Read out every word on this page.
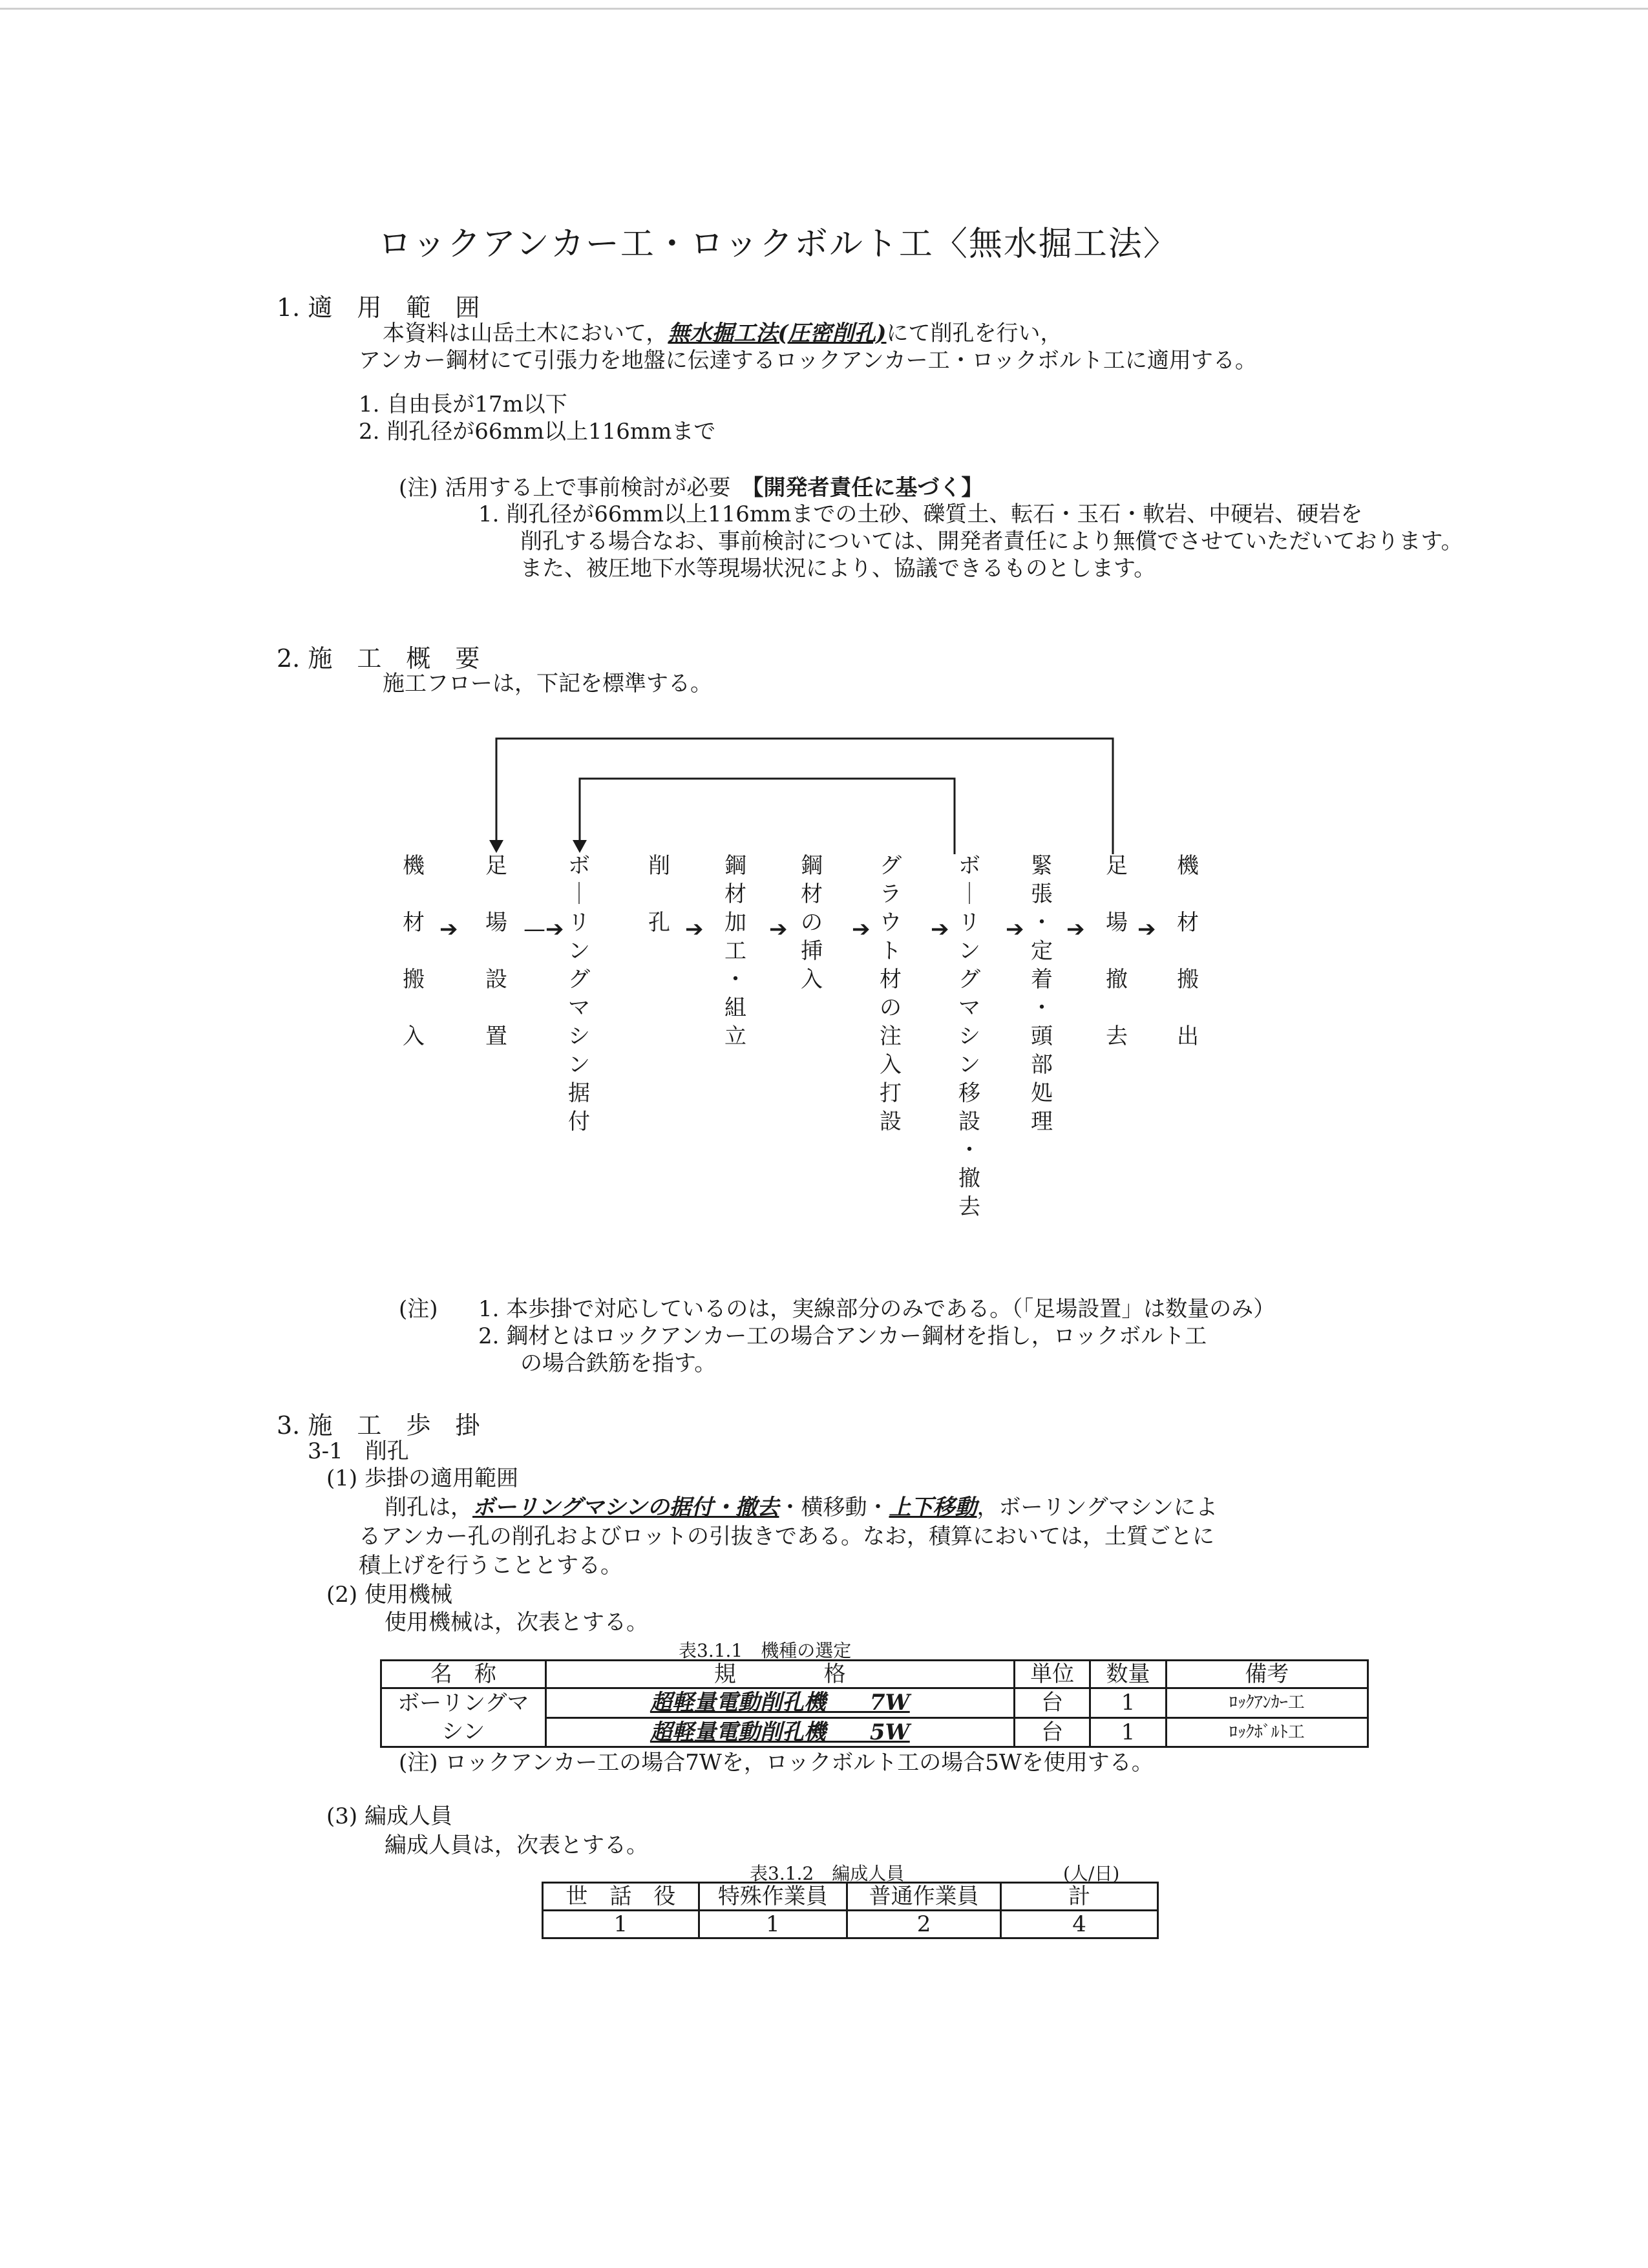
ロックアンカー工・ロックボルト工〈無水掘工法〉
1. 適　用　範　囲
本資料は山岳土木において，無水掘工法(圧密削孔)にて削孔を行い，
アンカー鋼材にて引張力を地盤に伝達するロックアンカー工・ロックボルト工に適用する。
1. 自由長が17m以下
2. 削孔径が66mm以上116mmまで
(注) 活用する上で事前検討が必要　 【開発者責任に基づく】
1. 削孔径が66mm以上116mmまでの土砂、礫質土、転石・玉石・軟岩、中硬岩、硬岩を
削孔する場合なお、事前検討については、開発者責任により無償でさせていただいております。
また、被圧地下水等現場状況により、協議できるものとします。
2. 施　工　概　要
施工フローは，下記を標準する。
機
材
搬
入
足
場
設
置
ボ
｜
リ
ン
グ
マ
シ
ン
据
付
削
孔
鋼
材
加
工
・
組
立
鋼
材
の
挿
入
グ
ラ
ウ
ト
材
の
注
入
打
設
ボ
｜
リ
ン
グ
マ
シ
ン
移
設
・
撤
去
緊
張
・
定
着
・
頭
部
処
理
足
場
撤
去
機
材
搬
出
➔	—➔	➔	➔	➔	➔	➔ ➔ ➔
(注) 1. 本歩掛で対応しているのは，実線部分のみである。（「足場設置」は数量のみ）
2. 鋼材とはロックアンカー工の場合アンカー鋼材を指し，ロックボルト工
の場合鉄筋を指す。
3. 施　工　歩　掛
3-1　削孔
(1) 歩掛の適用範囲
削孔は，ボーリングマシンの据付・撤去・横移動・上下移動，ボーリングマシンによ
るアンカー孔の削孔およびロットの引抜きである。なお，積算においては，土質ごとに
積上げを行うこととする。
(2) 使用機械
使用機械は，次表とする。
表3.1.1　機種の選定
名　称	規　　　　格	単位	数量	備考
ボーリングマシン	超軽量電動削孔機　　7W	台	1	ﾛｯｸｱﾝｶｰ工
	超軽量電動削孔機　　5W	台	1	ﾛｯｸﾎﾞﾙﾄ工
(注) ロックアンカー工の場合7Wを，ロックボルト工の場合5Wを使用する。
(3) 編成人員
編成人員は，次表とする。
表3.1.2　編成人員	(人/日)
世　話　役	特殊作業員	普通作業員	計
1	1	2	4
